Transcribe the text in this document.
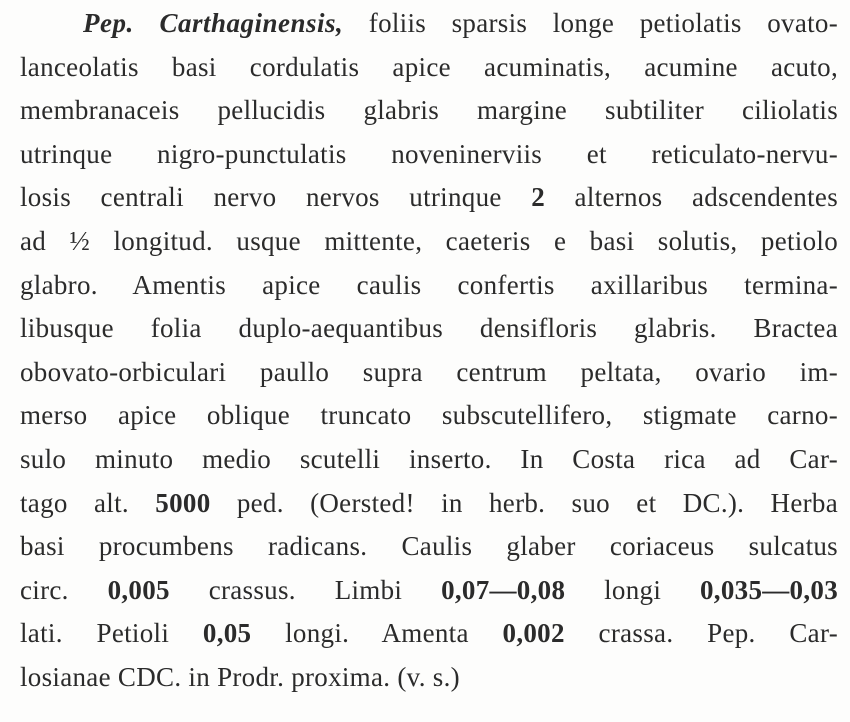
Pep. Carthaginensis, foliis sparsis longe petiolatis ovato-
lanceolatis basi cordulatis apice acuminatis, acumine acuto,
membranaceis pellucidis glabris margine subtiliter ciliolatis
utrinque nigro-punctulatis noveninerviis et reticulato-nervu-
losis centrali nervo nervos utrinque 2 alternos adscendentes
ad ½ longitud. usque mittente, caeteris e basi solutis, petiolo
glabro. Amentis apice caulis confertis axillaribus termina-
libusque folia duplo-aequantibus densifloris glabris. Bractea
obovato-orbiculari paullo supra centrum peltata, ovario im-
merso apice oblique truncato subscutellifero, stigmate carno-
sulo minuto medio scutelli inserto. In Costa rica ad Car-
tago alt. 5000 ped. (Oersted! in herb. suo et DC.). Herba
basi procumbens radicans. Caulis glaber coriaceus sulcatus
circ. 0,005 crassus. Limbi 0,07—0,08 longi 0,035—0,03
lati. Petioli 0,05 longi. Amenta 0,002 crassa. Pep. Car-
losianae CDC. in Prodr. proxima. (v. s.)
